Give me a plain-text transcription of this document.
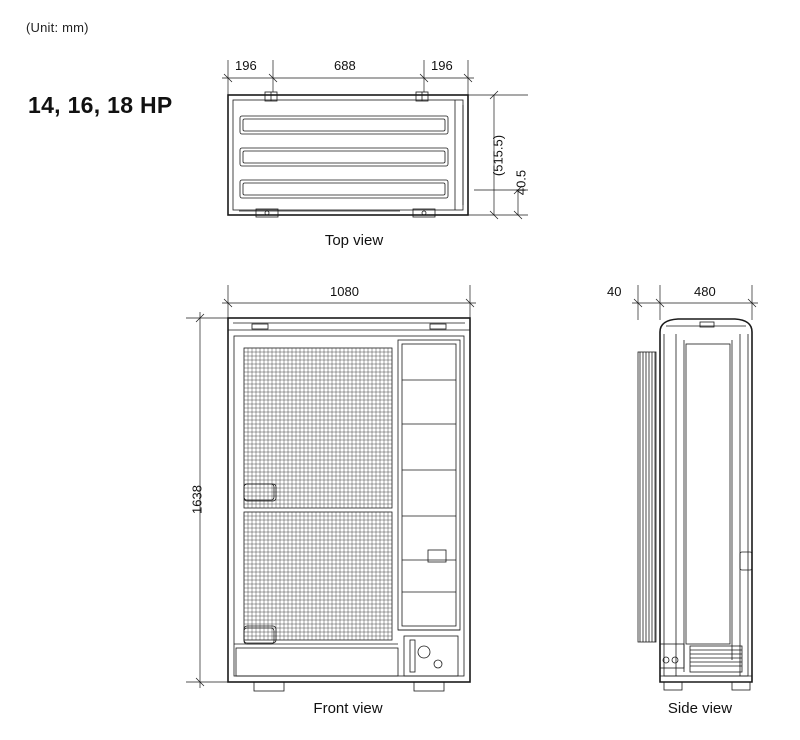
(Unit: mm)
14, 16, 18 HP
196	688	196
(515.5)
40.5
Top view
1080
1638
Front view
40	480
Side view
